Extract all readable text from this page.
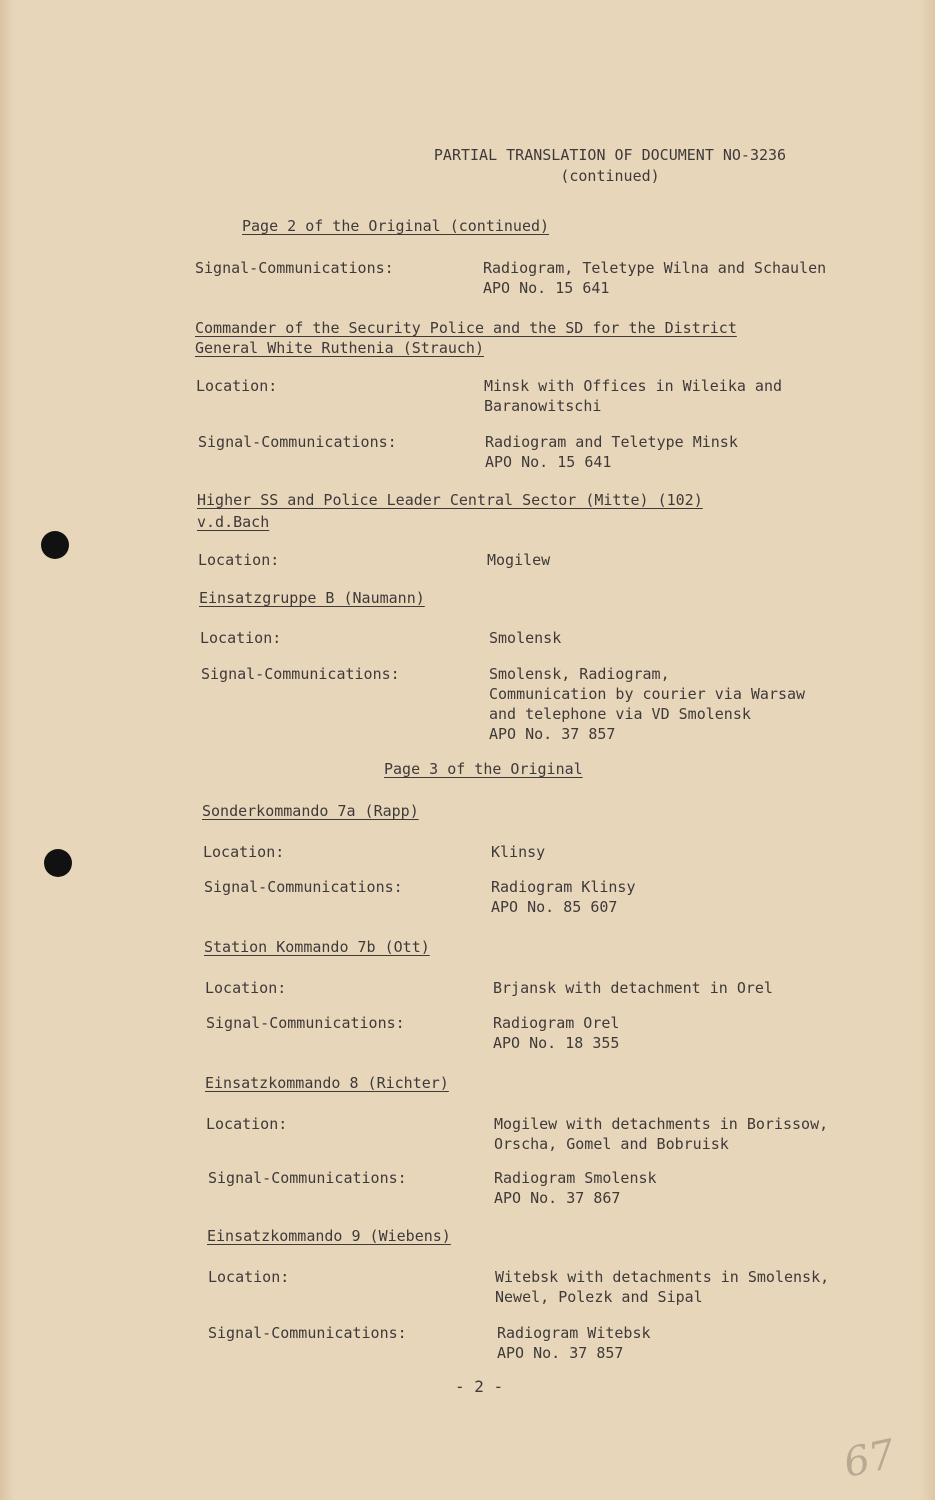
PARTIAL TRANSLATION OF DOCUMENT NO-3236
(continued)
Page 2 of the Original (continued)
Signal-Communications:	Radiogram, Teletype Wilna and Schaulen
APO No. 15 641
Commander of the Security Police and the SD for the District
General White Ruthenia (Strauch)
Location:	Minsk with Offices in Wileika and
Baranowitschi
Signal-Communications:	Radiogram and Teletype Minsk
APO No. 15 641
Higher SS and Police Leader Central Sector (Mitte) (102)
v.d.Bach
Location:	Mogilew
Einsatzgruppe B (Naumann)
Location:	Smolensk
Signal-Communications:	Smolensk, Radiogram,
Communication by courier via Warsaw
and telephone via VD Smolensk
APO No. 37 857
Page 3 of the Original
Sonderkommando 7a (Rapp)
Location:	Klinsy
Signal-Communications:	Radiogram Klinsy
APO No. 85 607
Station Kommando 7b (Ott)
Location:	Brjansk with detachment in Orel
Signal-Communications:	Radiogram Orel
APO No. 18 355
Einsatzkommando 8 (Richter)
Location:	Mogilew with detachments in Borissow,
Orscha, Gomel and Bobruisk
Signal-Communications:	Radiogram Smolensk
APO No. 37 867
Einsatzkommando 9 (Wiebens)
Location:	Witebsk with detachments in Smolensk,
Newel, Polezk and Sipal
Signal-Communications:	Radiogram Witebsk
APO No. 37 857
- 2 -
67
